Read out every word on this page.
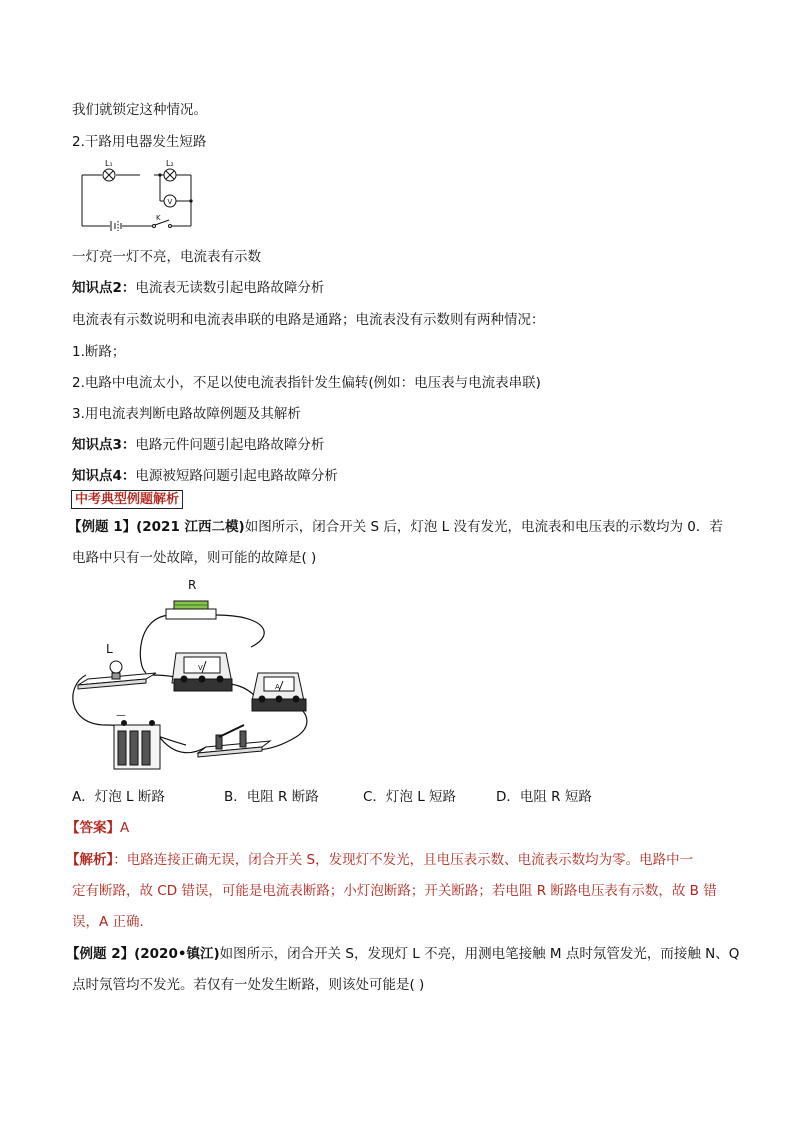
我们就锁定这种情况。
2.干路用电器发生短路
V
L₁	L₂
K
一灯亮一灯不亮，电流表有示数
知识点2：电流表无读数引起电路故障分析
电流表有示数说明和电流表串联的电路是通路；电流表没有示数则有两种情况：
1.断路；
2.电路中电流太小，不足以使电流表指针发生偏转(例如：电压表与电流表串联)
3.用电流表判断电路故障例题及其解析
知识点3：电路元件问题引起电路故障分析
知识点4：电源被短路问题引起电路故障分析
中考典型例题解析
【例题 1】(2021 江西二模)如图所示，闭合开关 S 后，灯泡 L 没有发光，电流表和电压表的示数均为 0．若
电路中只有一处故障，则可能的故障是( )
R
L
V
A
—
A．灯泡 L 断路	B．电阻 R 断路	C．灯泡 L 短路	D．电阻 R 短路
【答案】A
【解析】：电路连接正确无误，闭合开关 S，发现灯不发光，且电压表示数、电流表示数均为零。电路中一
定有断路，故 CD 错误，可能是电流表断路；小灯泡断路；开关断路；若电阻 R 断路电压表有示数，故 B 错
误，A 正确.
【例题 2】(2020•镇江)如图所示，闭合开关 S，发现灯 L 不亮，用测电笔接触 M 点时氖管发光，而接触 N、Q
点时氖管均不发光。若仅有一处发生断路，则该处可能是( )
